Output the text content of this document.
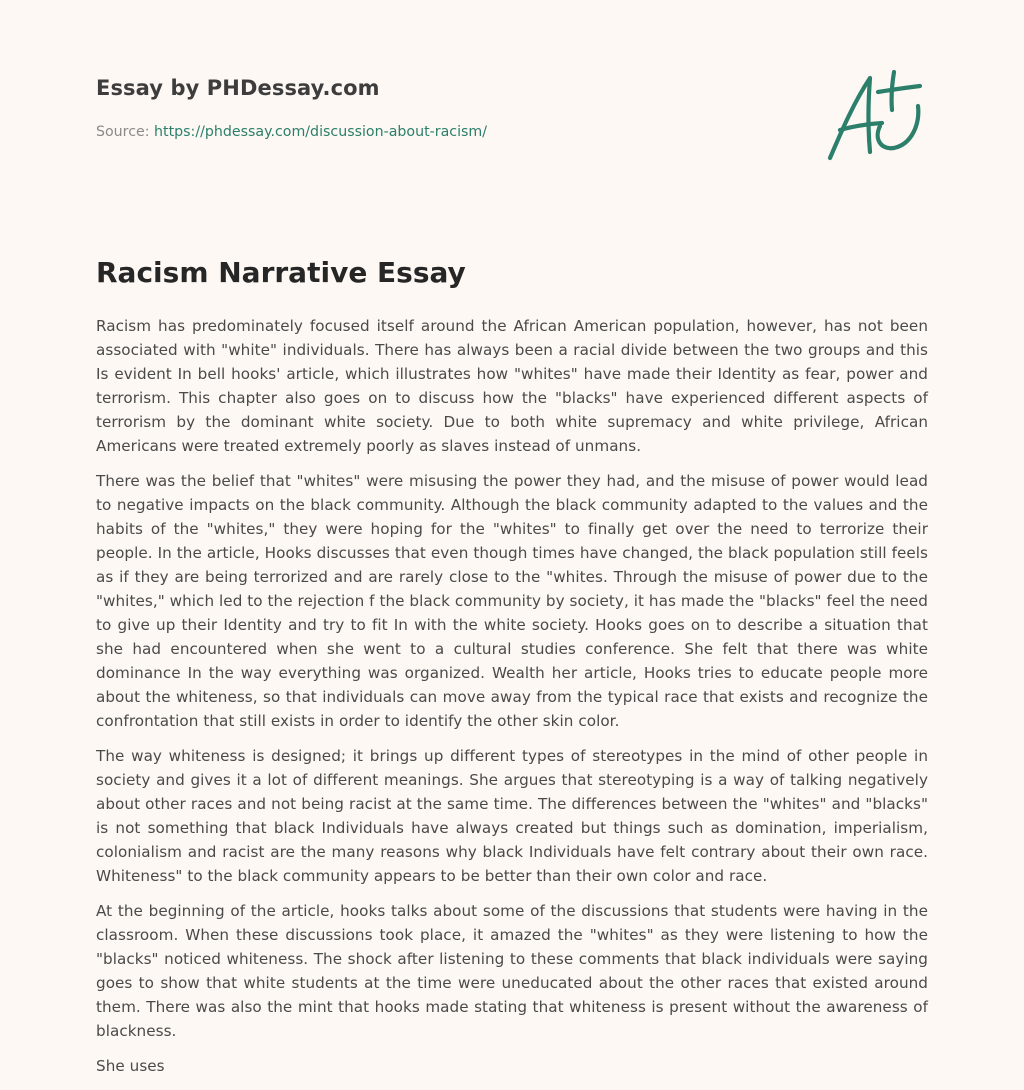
Essay by PHDessay.com
Source: https://phdessay.com/discussion-about-racism/
Racism Narrative Essay

Racism has predominately focused itself around the African American population, however, has not been associated with "white" individuals. There has always been a racial divide between the two groups and this Is evident In bell hooks' article, which illustrates how "whites" have made their Identity as fear, power and terrorism. This chapter also goes on to discuss how the "blacks" have experienced different aspects of terrorism by the dominant white society. Due to both white supremacy and white privilege, African Americans were treated extremely poorly as slaves instead of unmans.

There was the belief that "whites" were misusing the power they had, and the misuse of power would lead to negative impacts on the black community. Although the black community adapted to the values and the habits of the "whites," they were hoping for the "whites" to finally get over the need to terrorize their people. In the article, Hooks discusses that even though times have changed, the black population still feels as if they are being terrorized and are rarely close to the "whites. Through the misuse of power due to the "whites," which led to the rejection f the black community by society, it has made the "blacks" feel the need to give up their Identity and try to fit In with the white society. Hooks goes on to describe a situation that she had encountered when she went to a cultural studies conference. She felt that there was white dominance In the way everything was organized. Wealth her article, Hooks tries to educate people more about the whiteness, so that individuals can move away from the typical race that exists and recognize the confrontation that still exists in order to identify the other skin color.

The way whiteness is designed; it brings up different types of stereotypes in the mind of other people in society and gives it a lot of different meanings. She argues that stereotyping is a way of talking negatively about other races and not being racist at the same time. The differences between the "whites" and "blacks" is not something that black Individuals have always created but things such as domination, imperialism, colonialism and racist are the many reasons why black Individuals have felt contrary about their own race. Whiteness" to the black community appears to be better than their own color and race.

At the beginning of the article, hooks talks about some of the discussions that students were having in the classroom. When these discussions took place, it amazed the "whites" as they were listening to how the "blacks" noticed whiteness. The shock after listening to these comments that black individuals were saying goes to show that white students at the time were uneducated about the other races that existed around them. There was also the mint that hooks made stating that whiteness is present without the awareness of blackness.

She uses
